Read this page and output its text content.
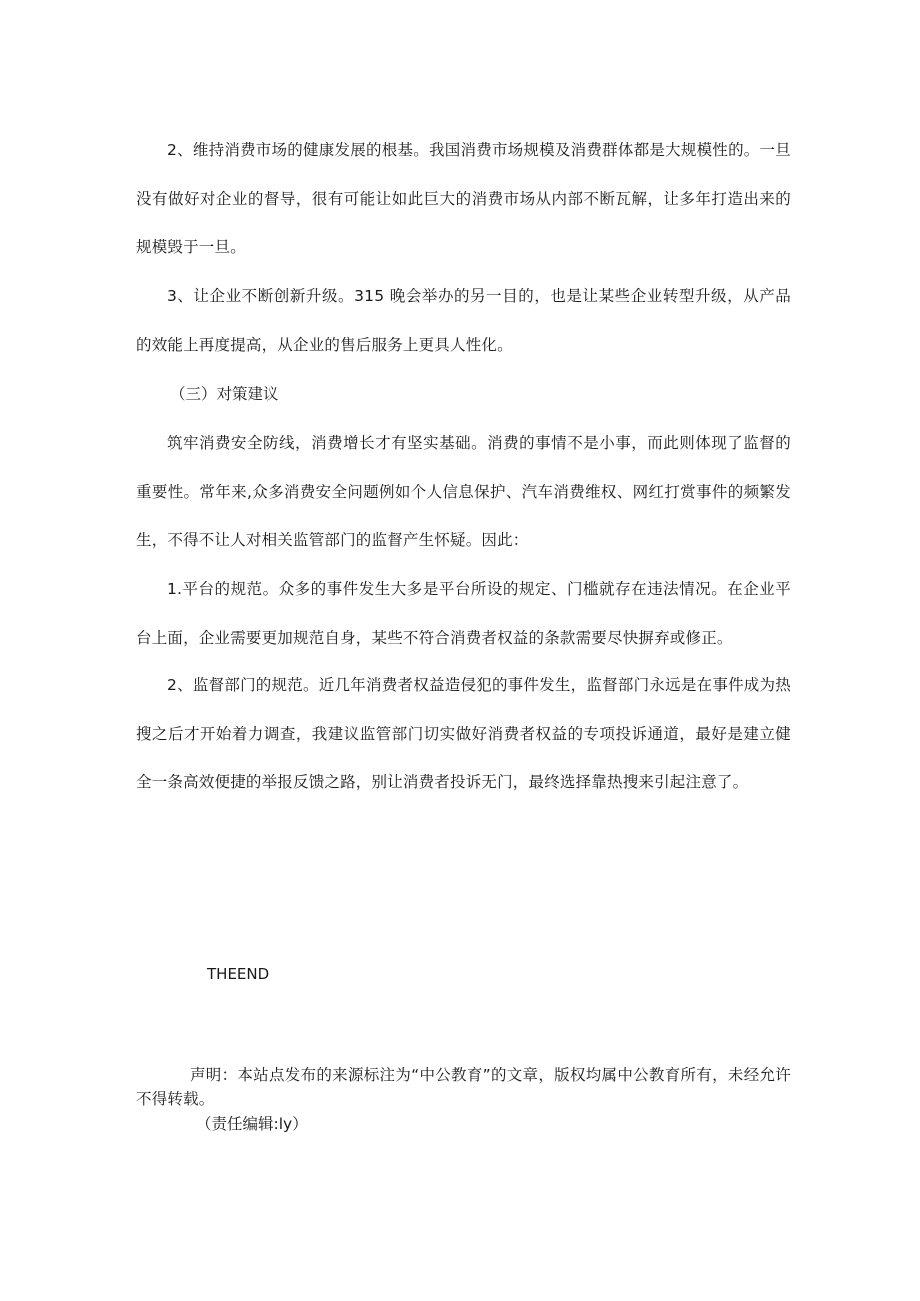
2、维持消费市场的健康发展的根基。我国消费市场规模及消费群体都是大规模性的。一旦没有做好对企业的督导，很有可能让如此巨大的消费市场从内部不断瓦解，让多年打造出来的规模毁于一旦。

3、让企业不断创新升级。315 晚会举办的另一目的，也是让某些企业转型升级，从产品的效能上再度提高，从企业的售后服务上更具人性化。

（三）对策建议

筑牢消费安全防线，消费增长才有坚实基础。消费的事情不是小事，而此则体现了监督的重要性。常年来,众多消费安全问题例如个人信息保护、汽车消费维权、网红打赏事件的频繁发生，不得不让人对相关监管部门的监督产生怀疑。因此：

1.平台的规范。众多的事件发生大多是平台所设的规定、门槛就存在违法情况。在企业平台上面，企业需要更加规范自身，某些不符合消费者权益的条款需要尽快摒弃或修正。

2、监督部门的规范。近几年消费者权益造侵犯的事件发生，监督部门永远是在事件成为热搜之后才开始着力调查，我建议监管部门切实做好消费者权益的专项投诉通道，最好是建立健全一条高效便捷的举报反馈之路，别让消费者投诉无门，最终选择靠热搜来引起注意了。

THEEND

声明：本站点发布的来源标注为“中公教育”的文章，版权均属中公教育所有，未经允许不得转载。

（责任编辑:ly）
